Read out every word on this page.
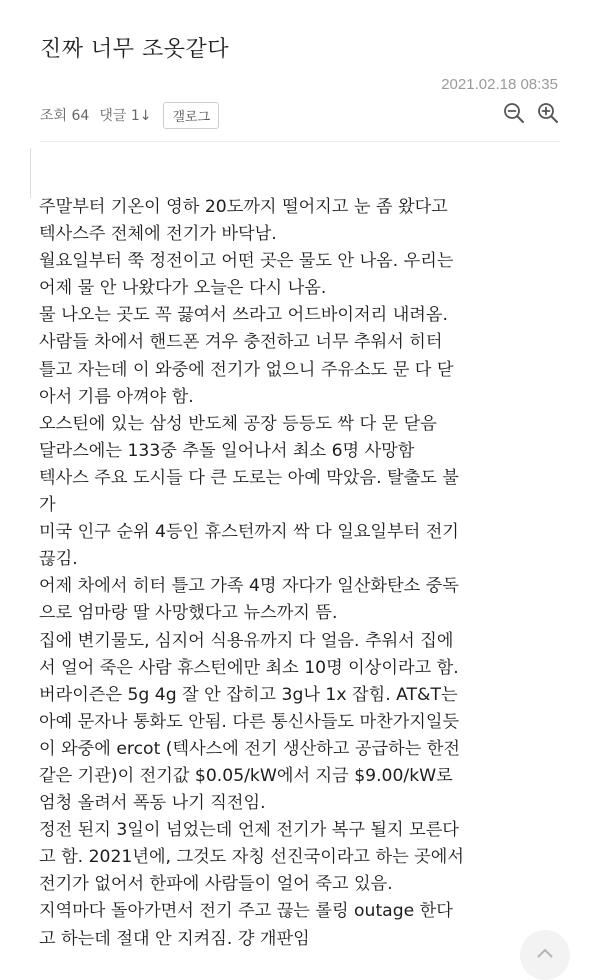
진짜 너무 조옷같다
2021.02.18 08:35
조회 64 댓글 1↓	갤로그
주말부터 기온이 영하 20도까지 떨어지고 눈 좀 왔다고
텍사스주 전체에 전기가 바닥남.
월요일부터 쭉 정전이고 어떤 곳은 물도 안 나옴. 우리는
어제 물 안 나왔다가 오늘은 다시 나옴.
물 나오는 곳도 꼭 끓여서 쓰라고 어드바이저리 내려옴.
사람들 차에서 핸드폰 겨우 충전하고 너무 추워서 히터
틀고 자는데 이 와중에 전기가 없으니 주유소도 문 다 닫
아서 기름 아껴야 함.
오스틴에 있는 삼성 반도체 공장 등등도 싹 다 문 닫음
달라스에는 133중 추돌 일어나서 최소 6명 사망함
텍사스 주요 도시들 다 큰 도로는 아예 막았음. 탈출도 불
가
미국 인구 순위 4등인 휴스턴까지 싹 다 일요일부터 전기
끊김.
어제 차에서 히터 틀고 가족 4명 자다가 일산화탄소 중독
으로 엄마랑 딸 사망했다고 뉴스까지 뜸.
집에 변기물도, 심지어 식용유까지 다 얼음. 추워서 집에
서 얼어 죽은 사람 휴스턴에만 최소 10명 이상이라고 함.
버라이즌은 5g 4g 잘 안 잡히고 3g나 1x 잡힘. AT&T는
아예 문자나 통화도 안됨. 다른 통신사들도 마찬가지일듯
이 와중에 ercot (텍사스에 전기 생산하고 공급하는 한전
같은 기관)이 전기값 $0.05/kW에서 지금 $9.00/kW로
엄청 올려서 폭동 나기 직전임.
정전 된지 3일이 넘었는데 언제 전기가 복구 될지 모른다
고 함. 2021년에, 그것도 자칭 선진국이라고 하는 곳에서
전기가 없어서 한파에 사람들이 얼어 죽고 있음.
지역마다 돌아가면서 전기 주고 끊는 롤링 outage 한다
고 하는데 절대 안 지켜짐. 걍 개판임
